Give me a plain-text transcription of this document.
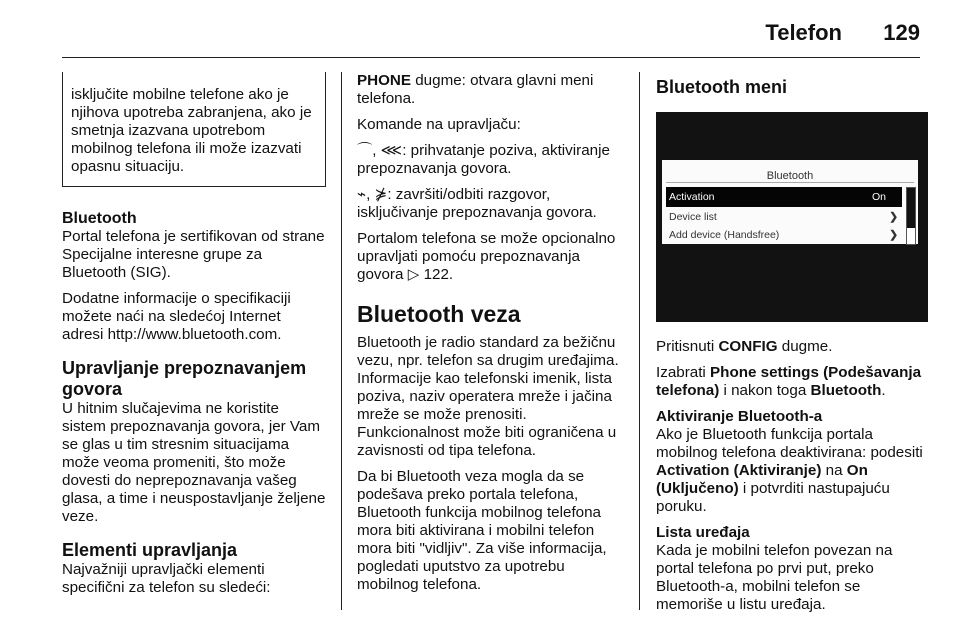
Telefon 129

isključite mobilne telefone ako je njihova upotreba zabranjena, ako je smetnja izazvana upotrebom mobilnog telefona ili može izazvati opasnu situaciju.

Bluetooth

Portal telefona je sertifikovan od strane Specijalne interesne grupe za Bluetooth (SIG).

Dodatne informacije o specifikaciji možete naći na sledećoj Internet adresi http://www.bluetooth.com.

Upravljanje prepoznavanjem govora

U hitnim slučajevima ne koristite sistem prepoznavanja govora, jer Vam se glas u tim stresnim situacijama može veoma promeniti, što može dovesti do neprepoznavanja vašeg glasa, a time i neuspostavljanje željene veze.

Elementi upravljanja

Najvažniji upravljački elementi specifični za telefon su sledeći:

PHONE dugme: otvara glavni meni telefona.

Komande na upravljaču:

⌒, ⋘: prihvatanje poziva, aktiviranje prepoznavanja govora.

⌁, ⋡: završiti/odbiti razgovor, isključivanje prepoznavanja govora.

Portalom telefona se može opcionalno upravljati pomoću prepoznavanja govora ▷ 122.

Bluetooth veza

Bluetooth je radio standard za bežičnu vezu, npr. telefon sa drugim uređajima. Informacije kao telefonski imenik, lista poziva, naziv operatera mreže i jačina mreže se može prenositi. Funkcionalnost može biti ograničena u zavisnosti od tipa telefona.

Da bi Bluetooth veza mogla da se podešava preko portala telefona, Bluetooth funkcija mobilnog telefona mora biti aktivirana i mobilni telefon mora biti "vidljiv". Za više informacija, pogledati uputstvo za upotrebu mobilnog telefona.

Bluetooth meni
Bluetooth
Activation	On
Device list	❯
Add device (Handsfree)	❯

Pritisnuti CONFIG dugme.

Izabrati Phone settings (Podešavanja telefona) i nakon toga Bluetooth.

Aktiviranje Bluetooth-a

Ako je Bluetooth funkcija portala mobilnog telefona deaktivirana: podesiti Activation (Aktiviranje) na On (Uključeno) i potvrditi nastupajuću poruku.

Lista uređaja

Kada je mobilni telefon povezan na portal telefona po prvi put, preko Bluetooth-a, mobilni telefon se memoriše u listu uređaja.
